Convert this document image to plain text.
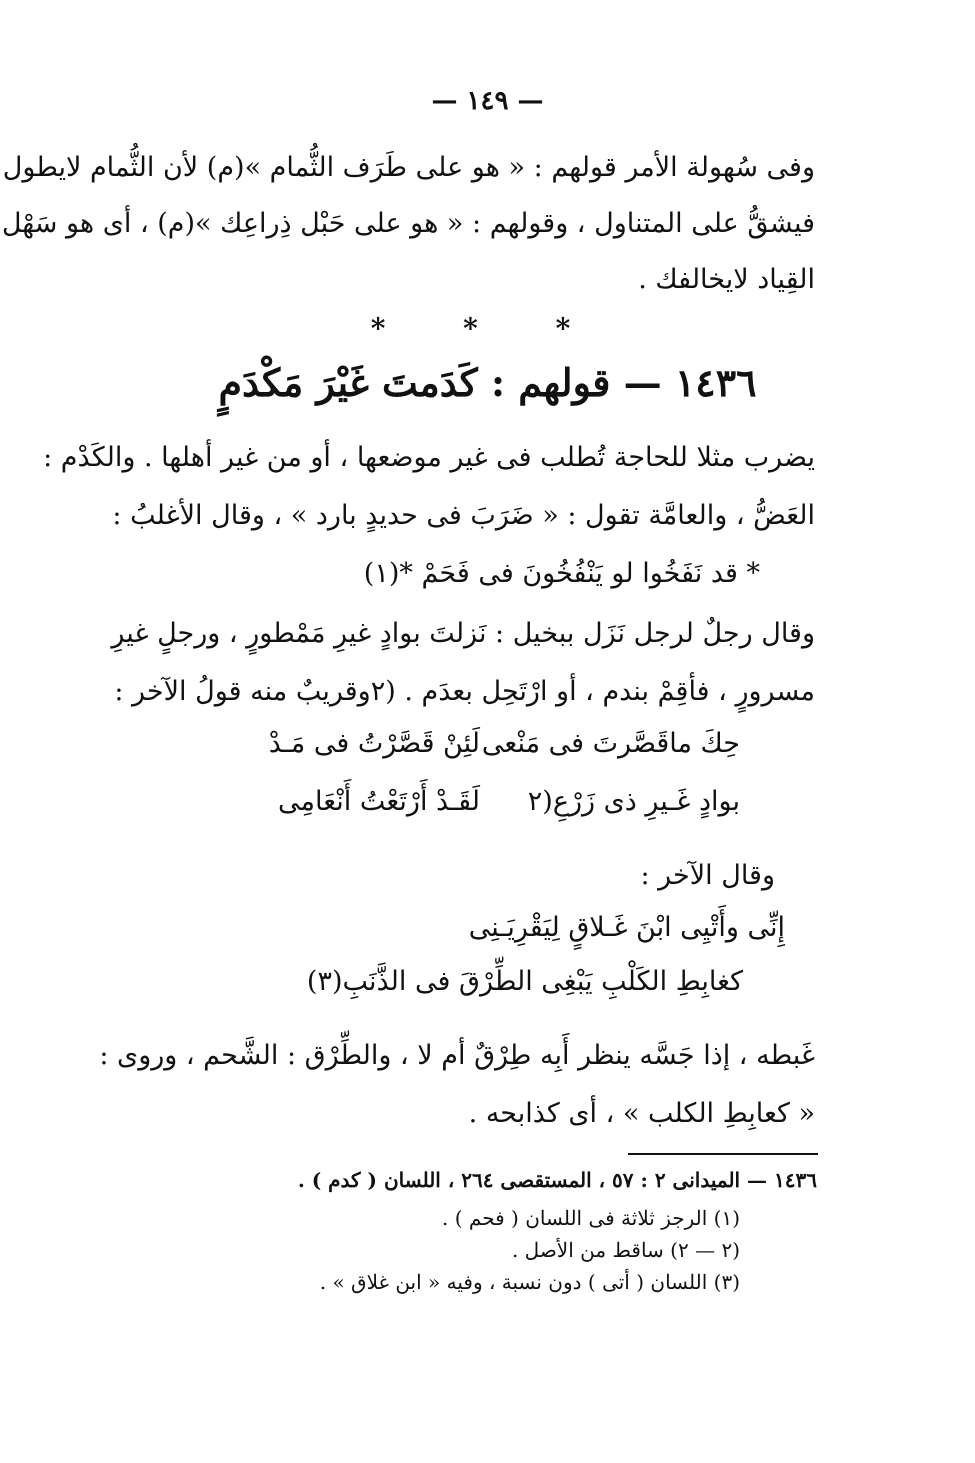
— ١٤٩ —
وفى سُهولة الأمر قولهم : « هو على طَرَف الثُّمام »(م) لأن الثُّمام لايطول
فيشقُّ على المتناول ، وقولهم : « هو على حَبْل ذِراعِك »(م) ، أى هو سَهْل
القِياد لايخالفك .
* * *
١٤٣٦ — قولهم : كَدَمتَ غَيْرَ مَكْدَمٍ
يضرب مثلا للحاجة تُطلب فى غير موضعها ، أو من غير أهلها . والكَدْم :
العَضُّ ، والعامَّة تقول : « ضَرَبَ فى حديدٍ بارد » ، وقال الأغلبُ :
* قد نَفَخُوا لو يَنْفُخُونَ فى فَحَمْ *(١)
وقال رجلٌ لرجل نَزَل ببخيل : نَزلتَ بوادٍ غيرِ مَمْطورٍ ، ورجلٍ غيرِ
مسرورٍ ، فأقِمْ بندم ، أو ارْتَحِل بعدَم . (٢وقريبٌ منه قولُ الآخر :
لَئِنْ قَصَّرْتُ فى مَـدْ حِكَ ماقَصَّرتَ فى مَنْعى
لَقَـدْ أَرْتَعْتُ أَنْعَامِى بوادٍ غَـيرِ ذى زَرْعِ(٢
وقال الآخر :
إِنِّى وأَتْيِى ابْنَ غَـلاقٍ لِيَقْرِيَـنِى
كغابِطِ الكَلْبِ يَبْغِى الطِّرْقَ فى الذَّنَبِ(٣)
غَبطه ، إذا جَسَّه ينظر أَبِه طِرْقٌ أم لا ، والطِّرْق : الشَّحم ، وروى :
« كعابِطِ الكلب » ، أى كذابحه .
١٤٣٦ — الميدانى ٢ : ٥٧ ، المستقصى ٢٦٤ ، اللسان ( كدم ) .
(١) الرجز ثلاثة فى اللسان ( فحم ) .
(٢ — ٢) ساقط من الأصل .
(٣) اللسان ( أتى ) دون نسبة ، وفيه « ابن غلاق » .
